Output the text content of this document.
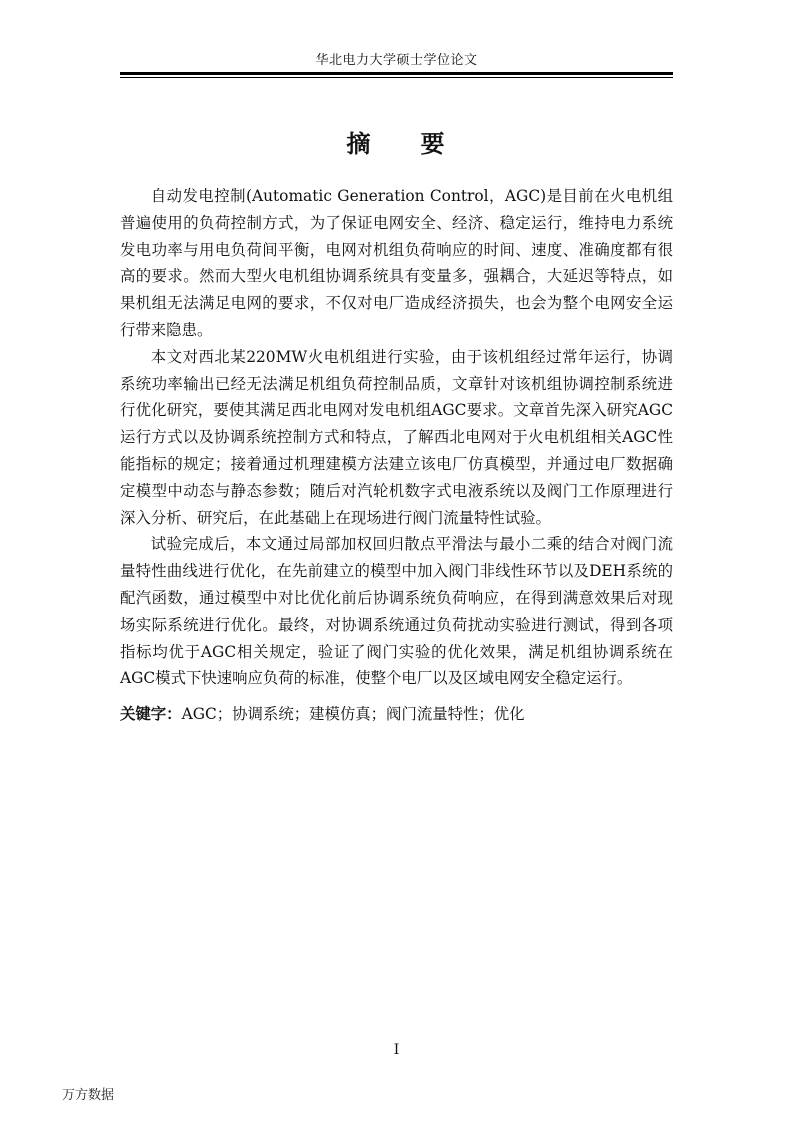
华北电力大学硕士学位论文
摘 要

自动发电控制(Automatic Generation Control，AGC)是目前在火电机组普遍使用的负荷控制方式，为了保证电网安全、经济、稳定运行，维持电力系统发电功率与用电负荷间平衡，电网对机组负荷响应的时间、速度、准确度都有很高的要求。然而大型火电机组协调系统具有变量多，强耦合，大延迟等特点，如果机组无法满足电网的要求，不仅对电厂造成经济损失，也会为整个电网安全运行带来隐患。

本文对西北某220MW火电机组进行实验，由于该机组经过常年运行，协调系统功率输出已经无法满足机组负荷控制品质，文章针对该机组协调控制系统进行优化研究，要使其满足西北电网对发电机组AGC要求。文章首先深入研究AGC运行方式以及协调系统控制方式和特点，了解西北电网对于火电机组相关AGC性能指标的规定；接着通过机理建模方法建立该电厂仿真模型，并通过电厂数据确定模型中动态与静态参数；随后对汽轮机数字式电液系统以及阀门工作原理进行深入分析、研究后，在此基础上在现场进行阀门流量特性试验。

试验完成后，本文通过局部加权回归散点平滑法与最小二乘的结合对阀门流量特性曲线进行优化，在先前建立的模型中加入阀门非线性环节以及DEH系统的配汽函数，通过模型中对比优化前后协调系统负荷响应，在得到满意效果后对现场实际系统进行优化。最终，对协调系统通过负荷扰动实验进行测试，得到各项指标均优于AGC相关规定，验证了阀门实验的优化效果，满足机组协调系统在AGC模式下快速响应负荷的标准，使整个电厂以及区域电网安全稳定运行。

关键字：AGC；协调系统；建模仿真；阀门流量特性；优化
I
万方数据
